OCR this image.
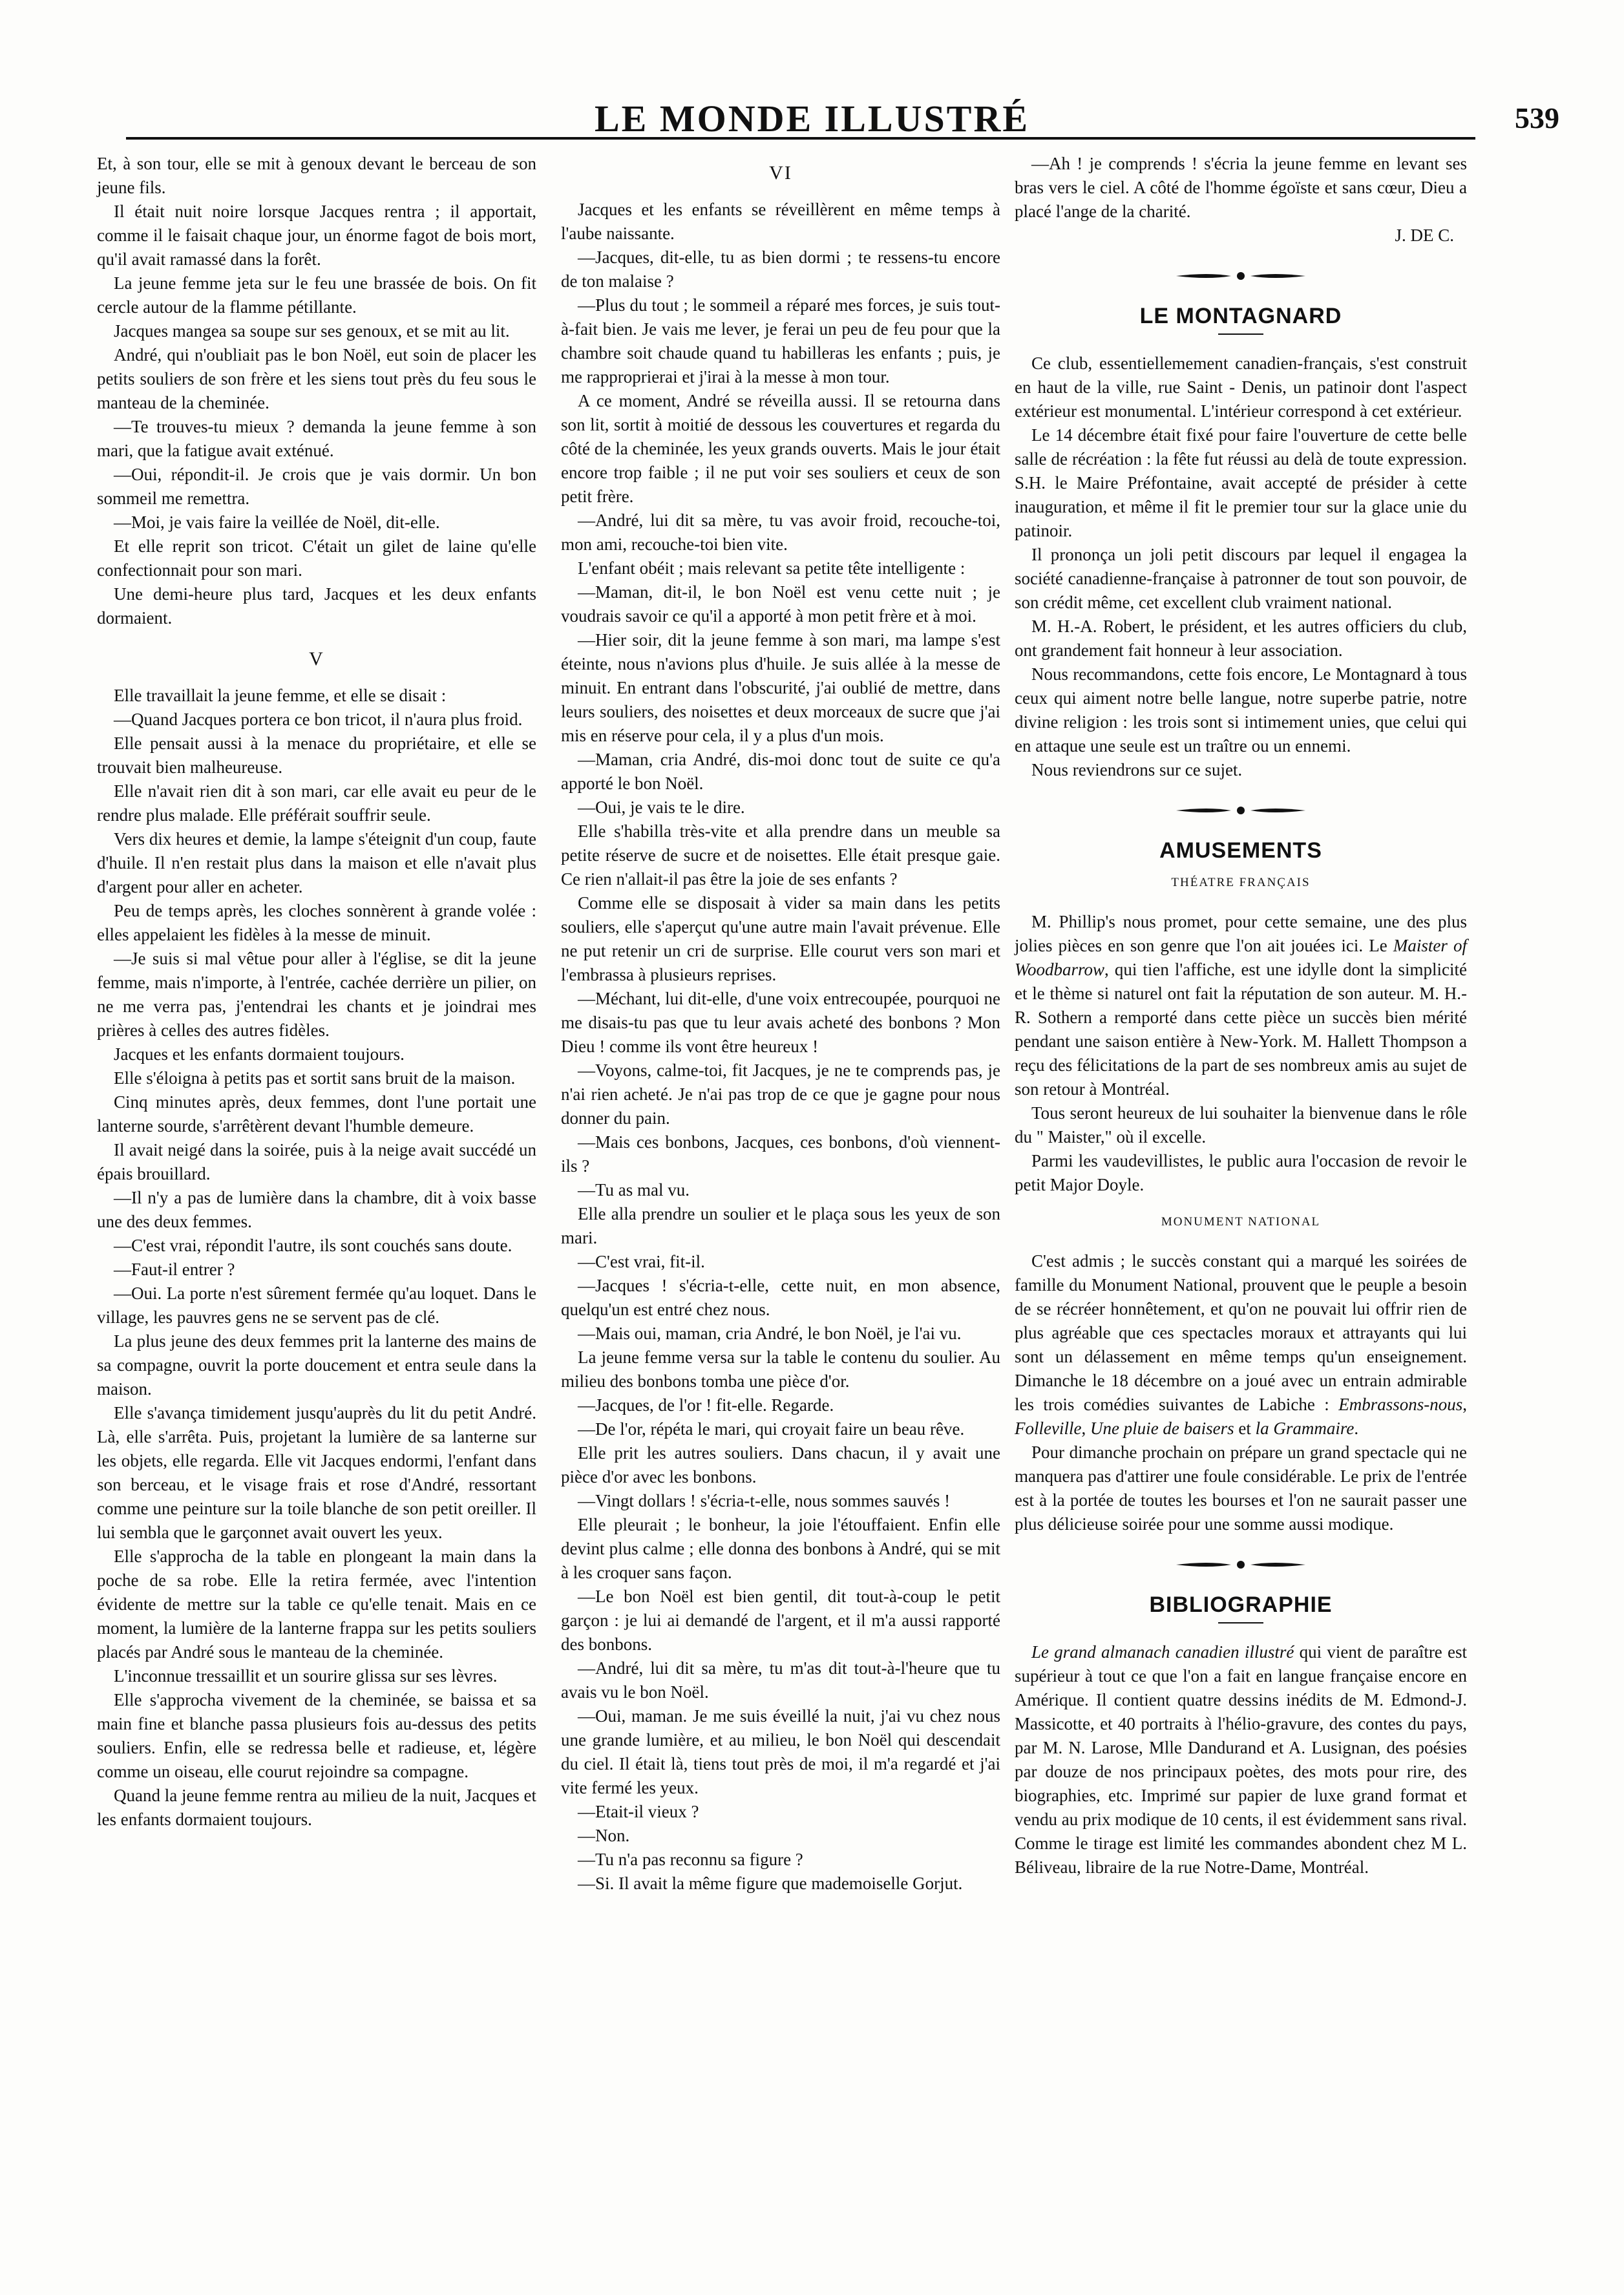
LE MONDE ILLUSTRÉ	539

Et, à son tour, elle se mit à genoux devant le berceau de son jeune fils.

Il était nuit noire lorsque Jacques rentra ; il apportait, comme il le faisait chaque jour, un énorme fagot de bois mort, qu'il avait ramassé dans la forêt.

La jeune femme jeta sur le feu une brassée de bois. On fit cercle autour de la flamme pétillante.

Jacques mangea sa soupe sur ses genoux, et se mit au lit.

André, qui n'oubliait pas le bon Noël, eut soin de placer les petits souliers de son frère et les siens tout près du feu sous le manteau de la cheminée.

—Te trouves-tu mieux ? demanda la jeune femme à son mari, que la fatigue avait exténué.

—Oui, répondit-il. Je crois que je vais dormir. Un bon sommeil me remettra.

—Moi, je vais faire la veillée de Noël, dit-elle.

Et elle reprit son tricot. C'était un gilet de laine qu'elle confectionnait pour son mari.

Une demi-heure plus tard, Jacques et les deux enfants dormaient.

V

Elle travaillait la jeune femme, et elle se disait :

—Quand Jacques portera ce bon tricot, il n'aura plus froid.

Elle pensait aussi à la menace du propriétaire, et elle se trouvait bien malheureuse.

Elle n'avait rien dit à son mari, car elle avait eu peur de le rendre plus malade. Elle préférait souffrir seule.

Vers dix heures et demie, la lampe s'éteignit d'un coup, faute d'huile. Il n'en restait plus dans la maison et elle n'avait plus d'argent pour aller en acheter.

Peu de temps après, les cloches sonnèrent à grande volée : elles appelaient les fidèles à la messe de minuit.

—Je suis si mal vêtue pour aller à l'église, se dit la jeune femme, mais n'importe, à l'entrée, cachée derrière un pilier, on ne me verra pas, j'entendrai les chants et je joindrai mes prières à celles des autres fidèles.

Jacques et les enfants dormaient toujours.

Elle s'éloigna à petits pas et sortit sans bruit de la maison.

Cinq minutes après, deux femmes, dont l'une portait une lanterne sourde, s'arrêtèrent devant l'humble demeure.

Il avait neigé dans la soirée, puis à la neige avait succédé un épais brouillard.

—Il n'y a pas de lumière dans la chambre, dit à voix basse une des deux femmes.

—C'est vrai, répondit l'autre, ils sont couchés sans doute.

—Faut-il entrer ?

—Oui. La porte n'est sûrement fermée qu'au loquet. Dans le village, les pauvres gens ne se servent pas de clé.

La plus jeune des deux femmes prit la lanterne des mains de sa compagne, ouvrit la porte doucement et entra seule dans la maison.

Elle s'avança timidement jusqu'auprès du lit du petit André. Là, elle s'arrêta. Puis, projetant la lumière de sa lanterne sur les objets, elle regarda. Elle vit Jacques endormi, l'enfant dans son berceau, et le visage frais et rose d'André, ressortant comme une peinture sur la toile blanche de son petit oreiller. Il lui sembla que le garçonnet avait ouvert les yeux.

Elle s'approcha de la table en plongeant la main dans la poche de sa robe. Elle la retira fermée, avec l'intention évidente de mettre sur la table ce qu'elle tenait. Mais en ce moment, la lumière de la lanterne frappa sur les petits souliers placés par André sous le manteau de la cheminée.

L'inconnue tressaillit et un sourire glissa sur ses lèvres.

Elle s'approcha vivement de la cheminée, se baissa et sa main fine et blanche passa plusieurs fois au-dessus des petits souliers. Enfin, elle se redressa belle et radieuse, et, légère comme un oiseau, elle courut rejoindre sa compagne.

Quand la jeune femme rentra au milieu de la nuit, Jacques et les enfants dormaient toujours.

VI

Jacques et les enfants se réveillèrent en même temps à l'aube naissante.

—Jacques, dit-elle, tu as bien dormi ; te ressens-tu encore de ton malaise ?

—Plus du tout ; le sommeil a réparé mes forces, je suis tout-à-fait bien. Je vais me lever, je ferai un peu de feu pour que la chambre soit chaude quand tu habilleras les enfants ; puis, je me rapproprierai et j'irai à la messe à mon tour.

A ce moment, André se réveilla aussi. Il se retourna dans son lit, sortit à moitié de dessous les couvertures et regarda du côté de la cheminée, les yeux grands ouverts. Mais le jour était encore trop faible ; il ne put voir ses souliers et ceux de son petit frère.

—André, lui dit sa mère, tu vas avoir froid, recouche-toi, mon ami, recouche-toi bien vite.

L'enfant obéit ; mais relevant sa petite tête intelligente :

—Maman, dit-il, le bon Noël est venu cette nuit ; je voudrais savoir ce qu'il a apporté à mon petit frère et à moi.

—Hier soir, dit la jeune femme à son mari, ma lampe s'est éteinte, nous n'avions plus d'huile. Je suis allée à la messe de minuit. En entrant dans l'obscurité, j'ai oublié de mettre, dans leurs souliers, des noisettes et deux morceaux de sucre que j'ai mis en réserve pour cela, il y a plus d'un mois.

—Maman, cria André, dis-moi donc tout de suite ce qu'a apporté le bon Noël.

—Oui, je vais te le dire.

Elle s'habilla très-vite et alla prendre dans un meuble sa petite réserve de sucre et de noisettes. Elle était presque gaie. Ce rien n'allait-il pas être la joie de ses enfants ?

Comme elle se disposait à vider sa main dans les petits souliers, elle s'aperçut qu'une autre main l'avait prévenue. Elle ne put retenir un cri de surprise. Elle courut vers son mari et l'embrassa à plusieurs reprises.

—Méchant, lui dit-elle, d'une voix entrecoupée, pourquoi ne me disais-tu pas que tu leur avais acheté des bonbons ? Mon Dieu ! comme ils vont être heureux !

—Voyons, calme-toi, fit Jacques, je ne te comprends pas, je n'ai rien acheté. Je n'ai pas trop de ce que je gagne pour nous donner du pain.

—Mais ces bonbons, Jacques, ces bonbons, d'où viennent-ils ?

—Tu as mal vu.

Elle alla prendre un soulier et le plaça sous les yeux de son mari.

—C'est vrai, fit-il.

—Jacques ! s'écria-t-elle, cette nuit, en mon absence, quelqu'un est entré chez nous.

—Mais oui, maman, cria André, le bon Noël, je l'ai vu.

La jeune femme versa sur la table le contenu du soulier. Au milieu des bonbons tomba une pièce d'or.

—Jacques, de l'or ! fit-elle. Regarde.

—De l'or, répéta le mari, qui croyait faire un beau rêve.

Elle prit les autres souliers. Dans chacun, il y avait une pièce d'or avec les bonbons.

—Vingt dollars ! s'écria-t-elle, nous sommes sauvés !

Elle pleurait ; le bonheur, la joie l'étouffaient. Enfin elle devint plus calme ; elle donna des bonbons à André, qui se mit à les croquer sans façon.

—Le bon Noël est bien gentil, dit tout-à-coup le petit garçon : je lui ai demandé de l'argent, et il m'a aussi rapporté des bonbons.

—André, lui dit sa mère, tu m'as dit tout-à-l'heure que tu avais vu le bon Noël.

—Oui, maman. Je me suis éveillé la nuit, j'ai vu chez nous une grande lumière, et au milieu, le bon Noël qui descendait du ciel. Il était là, tiens tout près de moi, il m'a regardé et j'ai vite fermé les yeux.

—Etait-il vieux ?

—Non.

—Tu n'a pas reconnu sa figure ?

—Si. Il avait la même figure que mademoiselle Gorjut.

—Ah ! je comprends ! s'écria la jeune femme en levant ses bras vers le ciel. A côté de l'homme égoïste et sans cœur, Dieu a placé l'ange de la charité.

J. DE C.

LE MONTAGNARD

Ce club, essentiellemement canadien-français, s'est construit en haut de la ville, rue Saint - Denis, un patinoir dont l'aspect extérieur est monumental. L'intérieur correspond à cet extérieur.

Le 14 décembre était fixé pour faire l'ouverture de cette belle salle de récréation : la fête fut réussi au delà de toute expression. S.H. le Maire Préfontaine, avait accepté de présider à cette inauguration, et même il fit le premier tour sur la glace unie du patinoir.

Il prononça un joli petit discours par lequel il engagea la société canadienne-française à patronner de tout son pouvoir, de son crédit même, cet excellent club vraiment national.

M. H.-A. Robert, le président, et les autres officiers du club, ont grandement fait honneur à leur association.

Nous recommandons, cette fois encore, Le Montagnard à tous ceux qui aiment notre belle langue, notre superbe patrie, notre divine religion : les trois sont si intimement unies, que celui qui en attaque une seule est un traître ou un ennemi.

Nous reviendrons sur ce sujet.

AMUSEMENTS
THÉATRE FRANÇAIS

M. Phillip's nous promet, pour cette semaine, une des plus jolies pièces en son genre que l'on ait jouées ici. Le Maister of Woodbarrow, qui tien l'affiche, est une idylle dont la simplicité et le thème si naturel ont fait la réputation de son auteur. M. H.-R. Sothern a remporté dans cette pièce un succès bien mérité pendant une saison entière à New-York. M. Hallett Thompson a reçu des félicitations de la part de ses nombreux amis au sujet de son retour à Montréal.

Tous seront heureux de lui souhaiter la bienvenue dans le rôle du " Maister," où il excelle.

Parmi les vaudevillistes, le public aura l'occasion de revoir le petit Major Doyle.

MONUMENT NATIONAL

C'est admis ; le succès constant qui a marqué les soirées de famille du Monument National, prouvent que le peuple a besoin de se récréer honnêtement, et qu'on ne pouvait lui offrir rien de plus agréable que ces spectacles moraux et attrayants qui lui sont un délassement en même temps qu'un enseignement. Dimanche le 18 décembre on a joué avec un entrain admirable les trois comédies suivantes de Labiche : Embrassons-nous, Folleville, Une pluie de baisers et la Grammaire.

Pour dimanche prochain on prépare un grand spectacle qui ne manquera pas d'attirer une foule considérable. Le prix de l'entrée est à la portée de toutes les bourses et l'on ne saurait passer une plus délicieuse soirée pour une somme aussi modique.

BIBLIOGRAPHIE

Le grand almanach canadien illustré qui vient de paraître est supérieur à tout ce que l'on a fait en langue française encore en Amérique. Il contient quatre dessins inédits de M. Edmond-J. Massicotte, et 40 portraits à l'hélio-gravure, des contes du pays, par M. N. Larose, Mlle Dandurand et A. Lusignan, des poésies par douze de nos principaux poètes, des mots pour rire, des biographies, etc. Imprimé sur papier de luxe grand format et vendu au prix modique de 10 cents, il est évidemment sans rival. Comme le tirage est limité les commandes abondent chez M L. Béliveau, libraire de la rue Notre-Dame, Montréal.
